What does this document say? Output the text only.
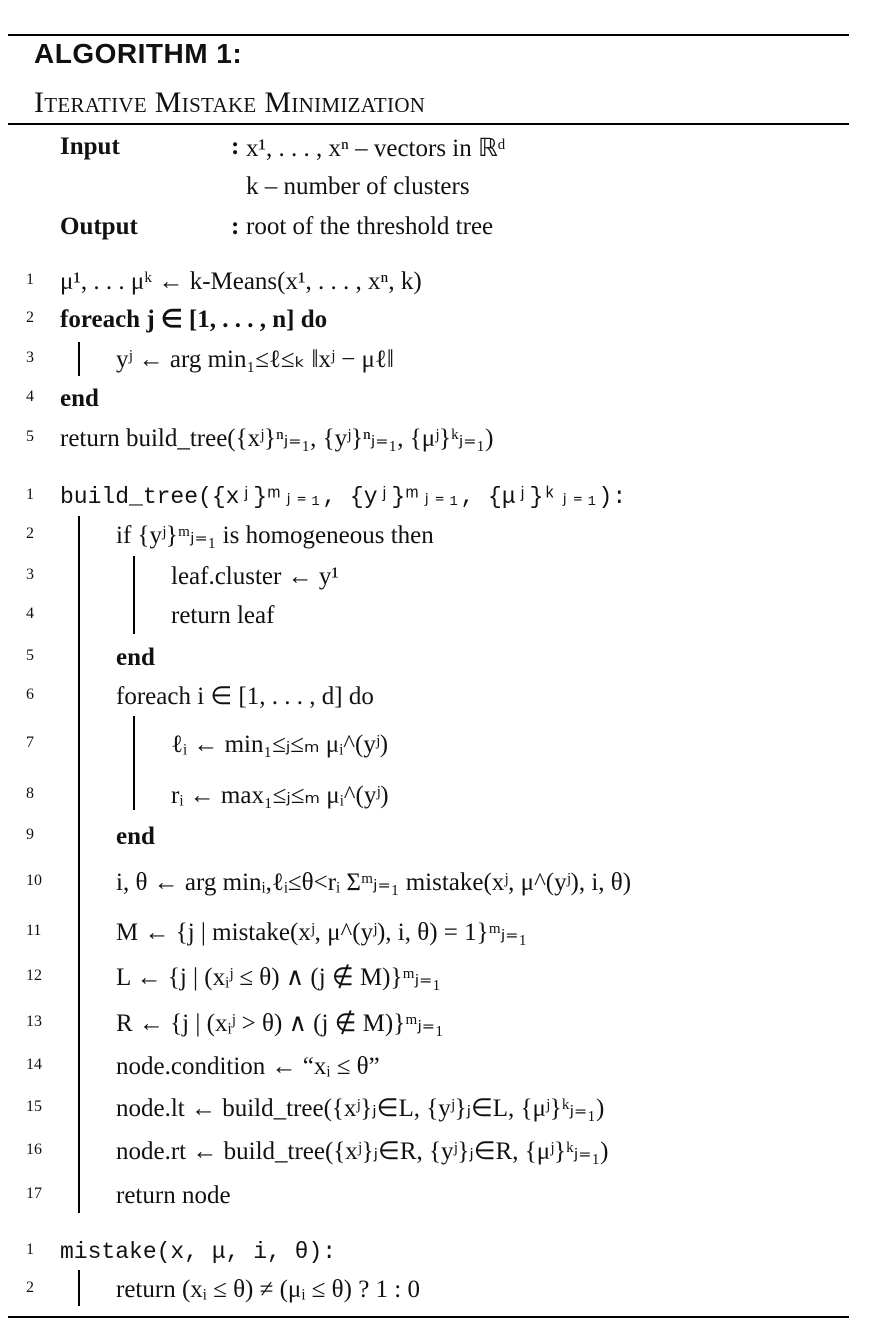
ALGORITHM 1:
Iterative Mistake Minimization
Input	: x¹, . . . , xⁿ – vectors in ℝᵈ
k – number of clusters
Output	: root of the threshold tree
1	μ¹, . . . μᵏ ← k-Means(x¹, . . . , xⁿ, k)
2	foreach j ∈ [1, . . . , n] do
3	yʲ ← arg min₁≤ℓ≤ₖ ‖xʲ − μℓ‖
4	end
5	return build_tree({xʲ}ⁿⱼ₌₁, {yʲ}ⁿⱼ₌₁, {μʲ}ᵏⱼ₌₁)
1	build_tree({xʲ}ᵐⱼ₌₁, {yʲ}ᵐⱼ₌₁, {μʲ}ᵏⱼ₌₁):
2	if {yʲ}ᵐⱼ₌₁ is homogeneous then
3	leaf.cluster ← y¹
4	return leaf
5	end
6	foreach i ∈ [1, . . . , d] do
7	ℓᵢ ← min₁≤ⱼ≤ₘ μᵢ^(yʲ)
8	rᵢ ← max₁≤ⱼ≤ₘ μᵢ^(yʲ)
9	end
10	i, θ ← arg minᵢ,ℓᵢ≤θ<rᵢ Σᵐⱼ₌₁ mistake(xʲ, μ^(yʲ), i, θ)
11	M ← {j | mistake(xʲ, μ^(yʲ), i, θ) = 1}ᵐⱼ₌₁
12	L ← {j | (xᵢʲ ≤ θ) ∧ (j ∉ M)}ᵐⱼ₌₁
13	R ← {j | (xᵢʲ > θ) ∧ (j ∉ M)}ᵐⱼ₌₁
14	node.condition ← “xᵢ ≤ θ”
15	node.lt ← build_tree({xʲ}ⱼ∈L, {yʲ}ⱼ∈L, {μʲ}ᵏⱼ₌₁)
16	node.rt ← build_tree({xʲ}ⱼ∈R, {yʲ}ⱼ∈R, {μʲ}ᵏⱼ₌₁)
17	return node
1	mistake(x, μ, i, θ):
2	return (xᵢ ≤ θ) ≠ (μᵢ ≤ θ) ? 1 : 0
